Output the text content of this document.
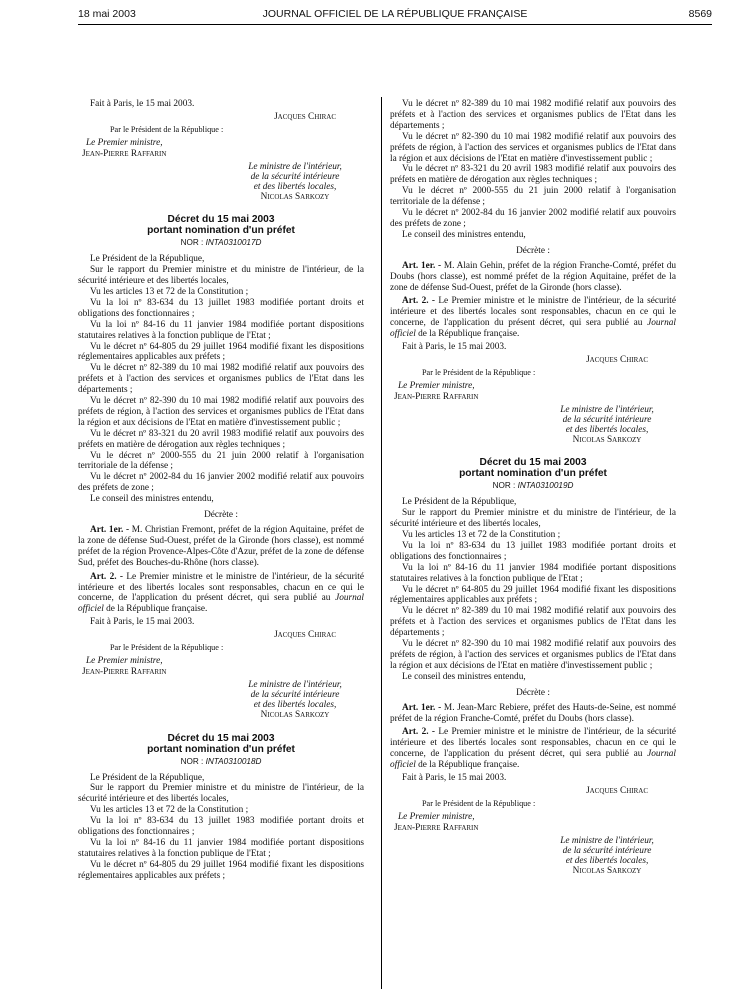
18 mai 2003	JOURNAL OFFICIEL DE LA RÉPUBLIQUE FRANÇAISE	8569

Fait à Paris, le 15 mai 2003.

Jacques Chirac

Par le Président de la République :

Le Premier ministre,

Jean-Pierre Raffarin

Le ministre de l'intérieur,
de la sécurité intérieure
et des libertés locales,
Nicolas Sarkozy
Décret du 15 mai 2003
portant nomination d'un préfet
NOR : INTA0310017D

Le Président de la République,

Sur le rapport du Premier ministre et du ministre de l'intérieur, de la sécurité intérieure et des libertés locales,

Vu les articles 13 et 72 de la Constitution ;

Vu la loi nº 83-634 du 13 juillet 1983 modifiée portant droits et obligations des fonctionnaires ;

Vu la loi nº 84-16 du 11 janvier 1984 modifiée portant dispositions statutaires relatives à la fonction publique de l'Etat ;

Vu le décret nº 64-805 du 29 juillet 1964 modifié fixant les dispositions réglementaires applicables aux préfets ;

Vu le décret nº 82-389 du 10 mai 1982 modifié relatif aux pouvoirs des préfets et à l'action des services et organismes publics de l'Etat dans les départements ;

Vu le décret nº 82-390 du 10 mai 1982 modifié relatif aux pouvoirs des préfets de région, à l'action des services et organismes publics de l'Etat dans la région et aux décisions de l'Etat en matière d'investissement public ;

Vu le décret nº 83-321 du 20 avril 1983 modifié relatif aux pouvoirs des préfets en matière de dérogation aux règles techniques ;

Vu le décret nº 2000-555 du 21 juin 2000 relatif à l'organisation territoriale de la défense ;

Vu le décret nº 2002-84 du 16 janvier 2002 modifié relatif aux pouvoirs des préfets de zone ;

Le conseil des ministres entendu,

Décrète :

Art. 1er. - M. Christian Fremont, préfet de la région Aquitaine, préfet de la zone de défense Sud-Ouest, préfet de la Gironde (hors classe), est nommé préfet de la région Provence-Alpes-Côte d'Azur, préfet de la zone de défense Sud, préfet des Bouches-du-Rhône (hors classe).

Art. 2. - Le Premier ministre et le ministre de l'intérieur, de la sécurité intérieure et des libertés locales sont responsables, chacun en ce qui le concerne, de l'application du présent décret, qui sera publié au Journal officiel de la République française.

Fait à Paris, le 15 mai 2003.

Jacques Chirac

Par le Président de la République :

Le Premier ministre,

Jean-Pierre Raffarin

Le ministre de l'intérieur,
de la sécurité intérieure
et des libertés locales,
Nicolas Sarkozy
Décret du 15 mai 2003
portant nomination d'un préfet
NOR : INTA0310018D

Le Président de la République,

Sur le rapport du Premier ministre et du ministre de l'intérieur, de la sécurité intérieure et des libertés locales,

Vu les articles 13 et 72 de la Constitution ;

Vu la loi nº 83-634 du 13 juillet 1983 modifiée portant droits et obligations des fonctionnaires ;

Vu la loi nº 84-16 du 11 janvier 1984 modifiée portant dispositions statutaires relatives à la fonction publique de l'Etat ;

Vu le décret nº 64-805 du 29 juillet 1964 modifié fixant les dispositions réglementaires applicables aux préfets ;

Vu le décret nº 82-389 du 10 mai 1982 modifié relatif aux pouvoirs des préfets et à l'action des services et organismes publics de l'Etat dans les départements ;

Vu le décret nº 82-390 du 10 mai 1982 modifié relatif aux pouvoirs des préfets de région, à l'action des services et organismes publics de l'Etat dans la région et aux décisions de l'Etat en matière d'investissement public ;

Vu le décret nº 83-321 du 20 avril 1983 modifié relatif aux pouvoirs des préfets en matière de dérogation aux règles techniques ;

Vu le décret nº 2000-555 du 21 juin 2000 relatif à l'organisation territoriale de la défense ;

Vu le décret nº 2002-84 du 16 janvier 2002 modifié relatif aux pouvoirs des préfets de zone ;

Le conseil des ministres entendu,

Décrète :

Art. 1er. - M. Alain Gehin, préfet de la région Franche-Comté, préfet du Doubs (hors classe), est nommé préfet de la région Aquitaine, préfet de la zone de défense Sud-Ouest, préfet de la Gironde (hors classe).

Art. 2. - Le Premier ministre et le ministre de l'intérieur, de la sécurité intérieure et des libertés locales sont responsables, chacun en ce qui le concerne, de l'application du présent décret, qui sera publié au Journal officiel de la République française.

Fait à Paris, le 15 mai 2003.

Jacques Chirac

Par le Président de la République :

Le Premier ministre,

Jean-Pierre Raffarin

Le ministre de l'intérieur,
de la sécurité intérieure
et des libertés locales,
Nicolas Sarkozy
Décret du 15 mai 2003
portant nomination d'un préfet
NOR : INTA0310019D

Le Président de la République,

Sur le rapport du Premier ministre et du ministre de l'intérieur, de la sécurité intérieure et des libertés locales,

Vu les articles 13 et 72 de la Constitution ;

Vu la loi nº 83-634 du 13 juillet 1983 modifiée portant droits et obligations des fonctionnaires ;

Vu la loi nº 84-16 du 11 janvier 1984 modifiée portant dispositions statutaires relatives à la fonction publique de l'Etat ;

Vu le décret nº 64-805 du 29 juillet 1964 modifié fixant les dispositions réglementaires applicables aux préfets ;

Vu le décret nº 82-389 du 10 mai 1982 modifié relatif aux pouvoirs des préfets et à l'action des services et organismes publics de l'Etat dans les départements ;

Vu le décret nº 82-390 du 10 mai 1982 modifié relatif aux pouvoirs des préfets de région, à l'action des services et organismes publics de l'Etat dans la région et aux décisions de l'Etat en matière d'investissement public ;

Le conseil des ministres entendu,

Décrète :

Art. 1er. - M. Jean-Marc Rebiere, préfet des Hauts-de-Seine, est nommé préfet de la région Franche-Comté, préfet du Doubs (hors classe).

Art. 2. - Le Premier ministre et le ministre de l'intérieur, de la sécurité intérieure et des libertés locales sont responsables, chacun en ce qui le concerne, de l'application du présent décret, qui sera publié au Journal officiel de la République française.

Fait à Paris, le 15 mai 2003.

Jacques Chirac

Par le Président de la République :

Le Premier ministre,

Jean-Pierre Raffarin

Le ministre de l'intérieur,
de la sécurité intérieure
et des libertés locales,
Nicolas Sarkozy
